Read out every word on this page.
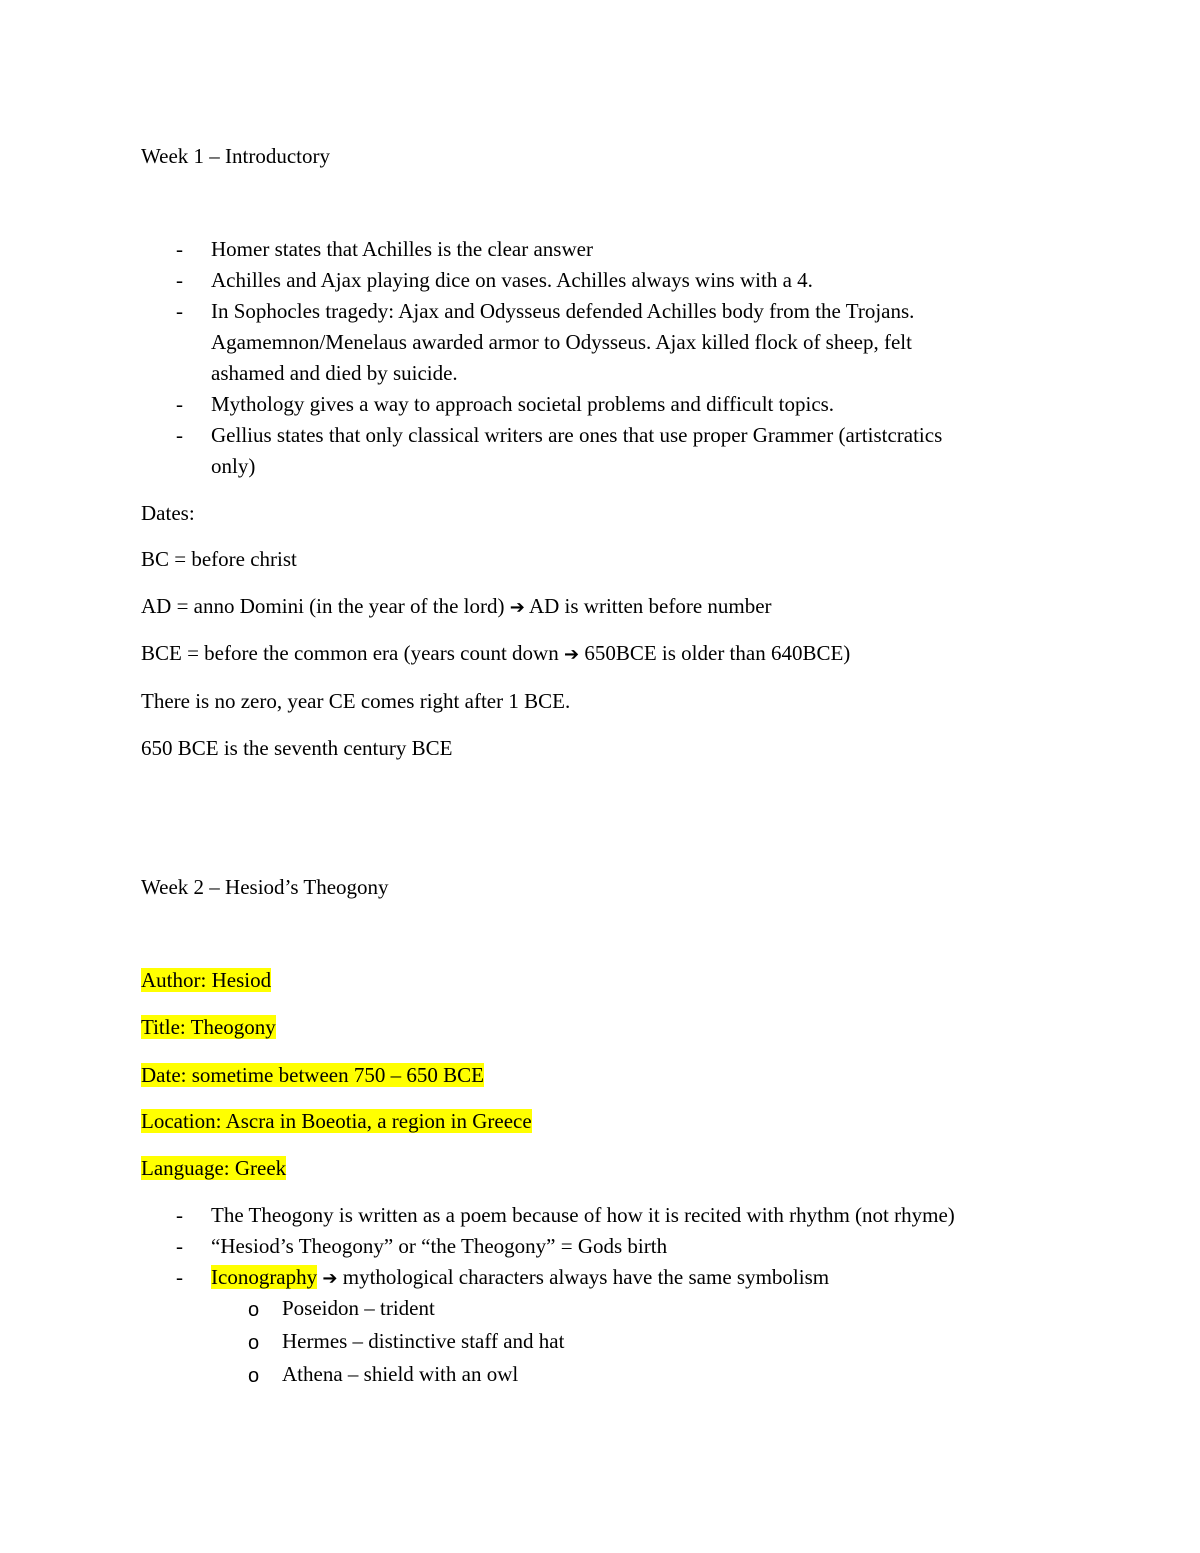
Week 1 – Introductory
- Homer states that Achilles is the clear answer
- Achilles and Ajax playing dice on vases. Achilles always wins with a 4.
- In Sophocles tragedy: Ajax and Odysseus defended Achilles body from the Trojans.
Agamemnon/Menelaus awarded armor to Odysseus. Ajax killed flock of sheep, felt
ashamed and died by suicide.
- Mythology gives a way to approach societal problems and difficult topics.
- Gellius states that only classical writers are ones that use proper Grammer (artistcratics
only)
Dates:
BC = before christ
AD = anno Domini (in the year of the lord) ➔ AD is written before number
BCE = before the common era (years count down ➔ 650BCE is older than 640BCE)
There is no zero, year CE comes right after 1 BCE.
650 BCE is the seventh century BCE
Week 2 – Hesiod’s Theogony
Author: Hesiod
Title: Theogony
Date: sometime between 750 – 650 BCE
Location: Ascra in Boeotia, a region in Greece
Language: Greek
- The Theogony is written as a poem because of how it is recited with rhythm (not rhyme)
- “Hesiod’s Theogony” or “the Theogony” = Gods birth
- Iconography ➔ mythological characters always have the same symbolism
o Poseidon – trident
o Hermes – distinctive staff and hat
o Athena – shield with an owl
